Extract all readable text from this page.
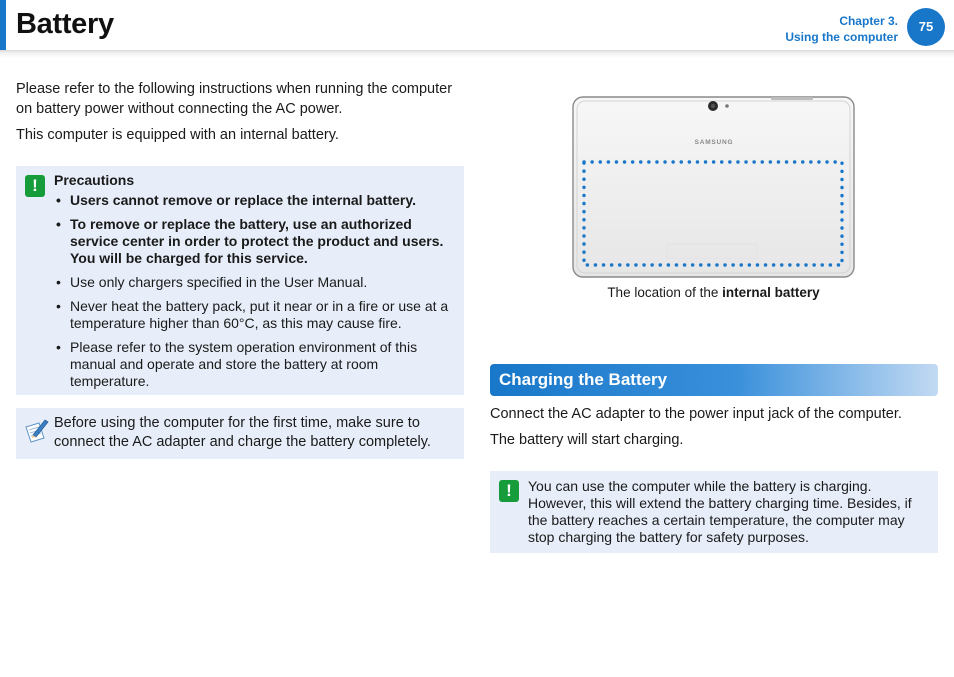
Battery	Chapter 3.
Using the computer
75
Please refer to the following instructions when running the computer on battery power without connecting the AC power.
This computer is equipped with an internal battery.
!	Precautions
• Users cannot remove or replace the internal battery.
• To remove or replace the battery, use an authorized service center in order to protect the product and users. You will be charged for this service.
• Use only chargers specified in the User Manual.
• Never heat the battery pack, put it near or in a fire or use at a temperature higher than 60°C, as this may cause fire.
• Please refer to the system operation environment of this manual and operate and store the battery at room temperature.
Before using the computer for the first time, make sure to connect the AC adapter and charge the battery completely.
SAMSUNG
The location of the internal battery
Charging the Battery
Connect the AC adapter to the power input jack of the computer.
The battery will start charging.
!	You can use the computer while the battery is charging. However, this will extend the battery charging time. Besides, if the battery reaches a certain temperature, the computer may stop charging the battery for safety purposes.
